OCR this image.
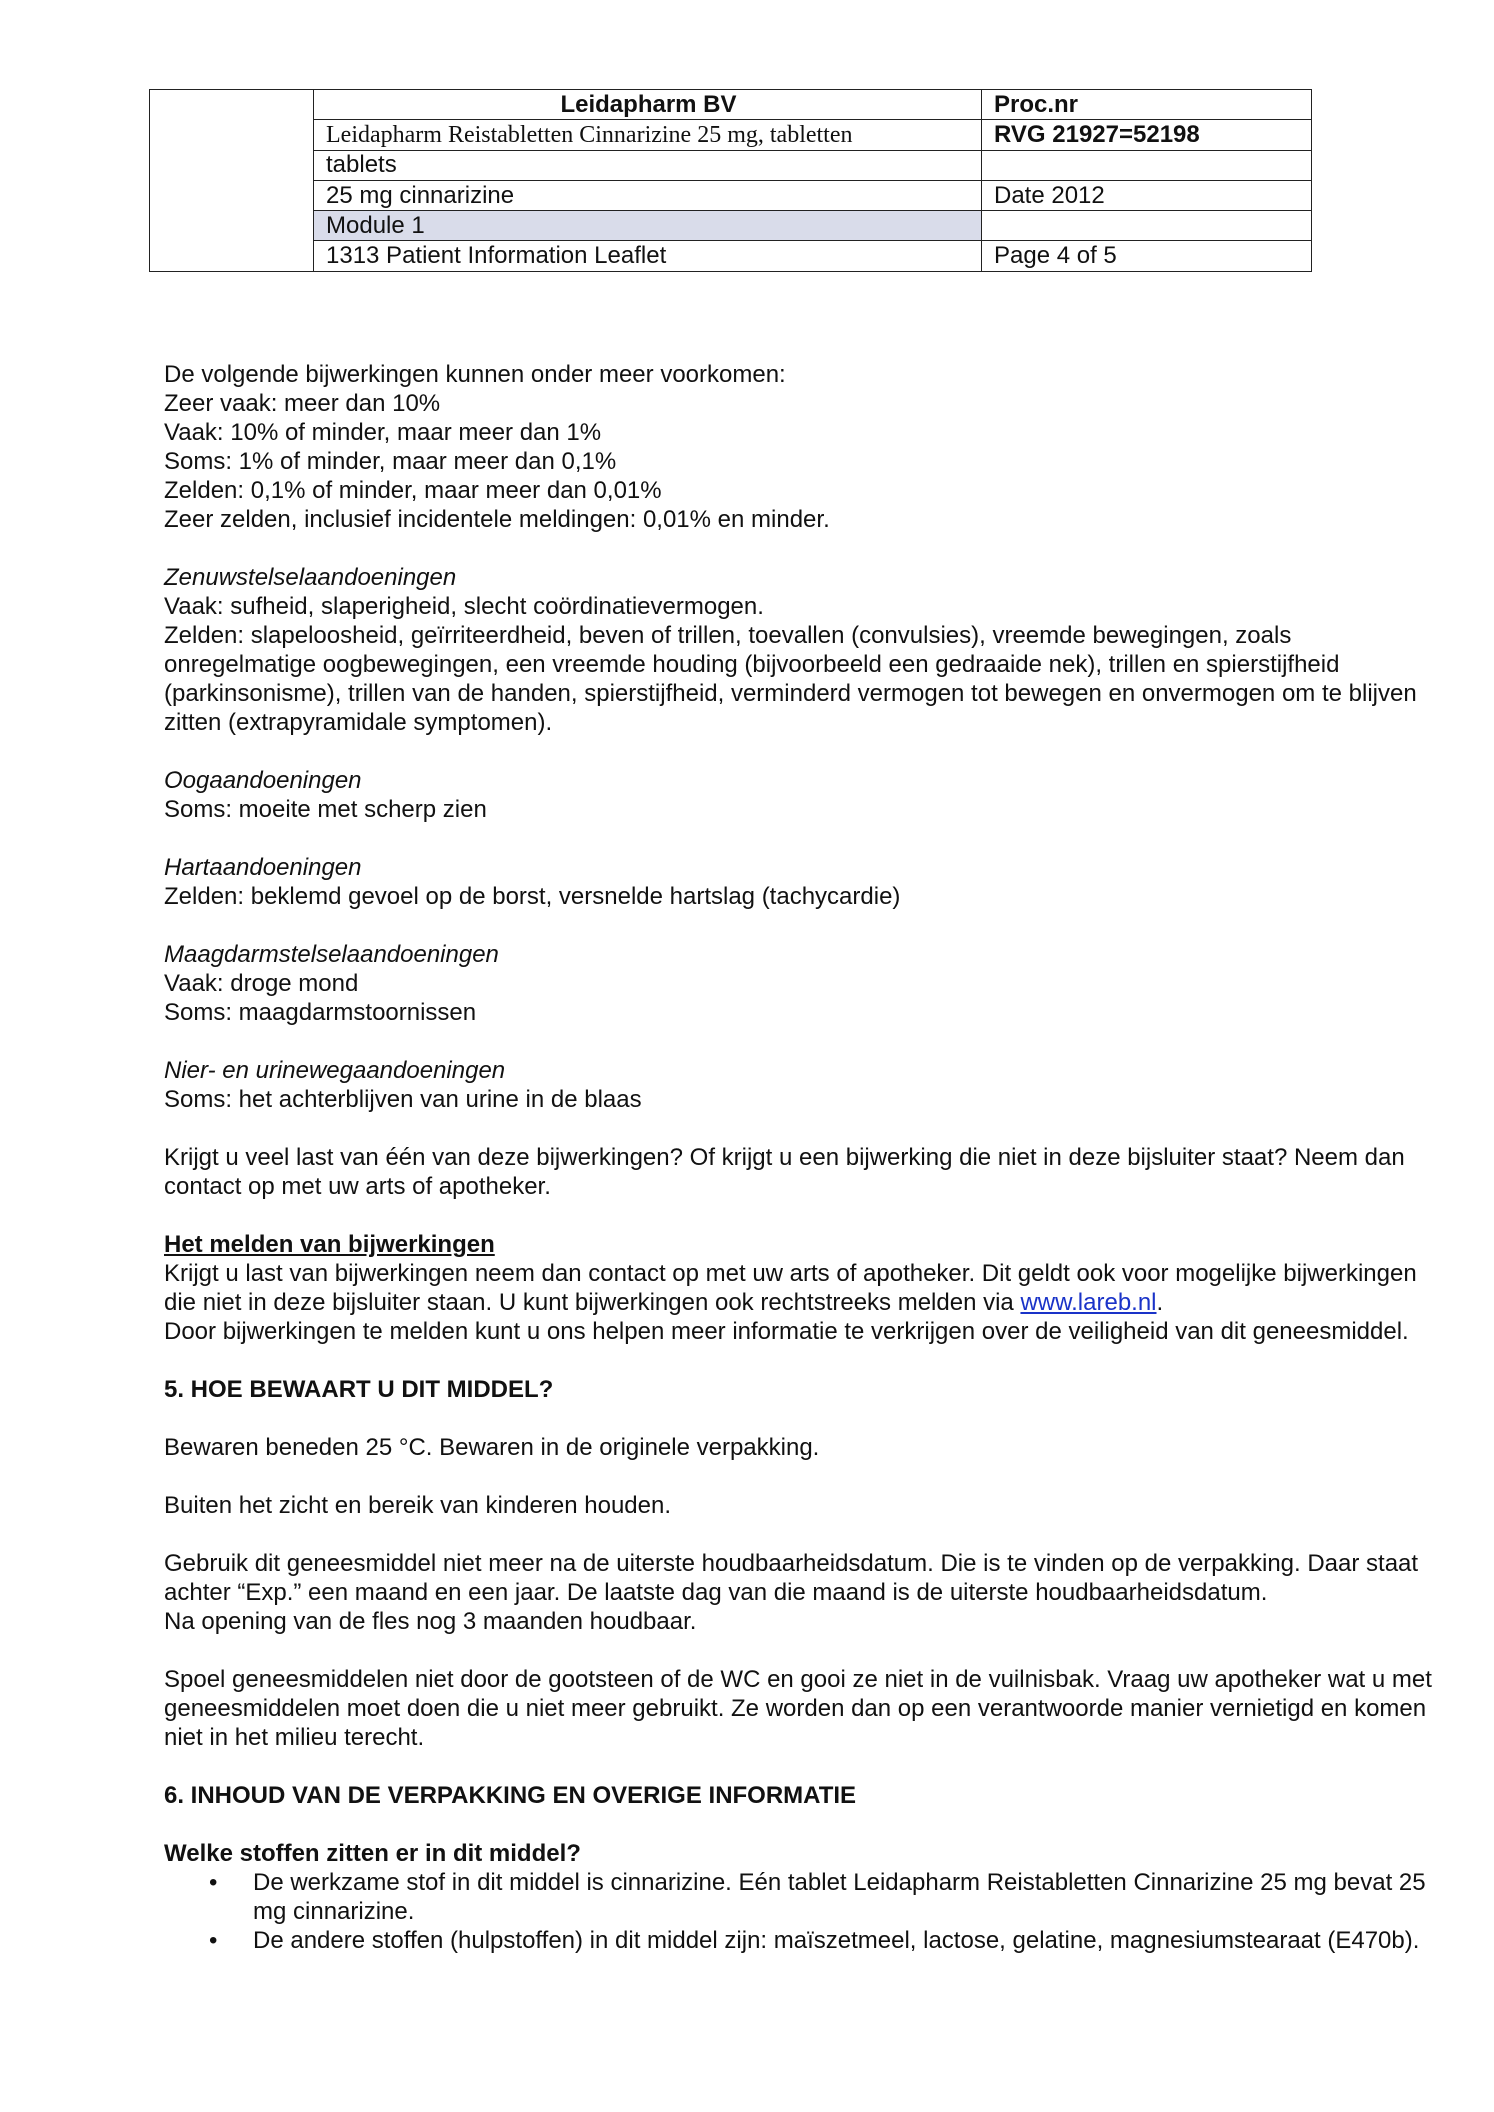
	Leidapharm BV	Proc.nr
	Leidapharm Reistabletten Cinnarizine 25 mg, tabletten	RVG 21927=52198
	tablets	
	25 mg cinnarizine	Date 2012
	Module 1	
	1313 Patient Information Leaflet	Page 4 of 5

De volgende bijwerkingen kunnen onder meer voorkomen:

Zeer vaak: meer dan 10%

Vaak: 10% of minder, maar meer dan 1%

Soms: 1% of minder, maar meer dan 0,1%

Zelden: 0,1% of minder, maar meer dan 0,01%

Zeer zelden, inclusief incidentele meldingen: 0,01% en minder.

Zenuwstelselaandoeningen

Vaak: sufheid, slaperigheid, slecht coördinatievermogen.

Zelden: slapeloosheid, geïrriteerdheid, beven of trillen, toevallen (convulsies), vreemde bewegingen, zoals onregelmatige oogbewegingen, een vreemde houding (bijvoorbeeld een gedraaide nek), trillen en spierstijfheid (parkinsonisme), trillen van de handen, spierstijfheid, verminderd vermogen tot bewegen en onvermogen om te blijven zitten (extrapyramidale symptomen).

Oogaandoeningen

Soms: moeite met scherp zien

Hartaandoeningen

Zelden: beklemd gevoel op de borst, versnelde hartslag (tachycardie)

Maagdarmstelselaandoeningen

Vaak: droge mond

Soms: maagdarmstoornissen

Nier- en urinewegaandoeningen

Soms: het achterblijven van urine in de blaas

Krijgt u veel last van één van deze bijwerkingen? Of krijgt u een bijwerking die niet in deze bijsluiter staat? Neem dan contact op met uw arts of apotheker.

Het melden van bijwerkingen

Krijgt u last van bijwerkingen neem dan contact op met uw arts of apotheker. Dit geldt ook voor mogelijke bijwerkingen die niet in deze bijsluiter staan. U kunt bijwerkingen ook rechtstreeks melden via www.lareb.nl.

Door bijwerkingen te melden kunt u ons helpen meer informatie te verkrijgen over de veiligheid van dit geneesmiddel.

5. HOE BEWAART U DIT MIDDEL?

Bewaren beneden 25 °C. Bewaren in de originele verpakking.

Buiten het zicht en bereik van kinderen houden.

Gebruik dit geneesmiddel niet meer na de uiterste houdbaarheidsdatum. Die is te vinden op de verpakking. Daar staat achter “Exp.” een maand en een jaar. De laatste dag van die maand is de uiterste houdbaarheidsdatum.

Na opening van de fles nog 3 maanden houdbaar.

Spoel geneesmiddelen niet door de gootsteen of de WC en gooi ze niet in de vuilnisbak. Vraag uw apotheker wat u met geneesmiddelen moet doen die u niet meer gebruikt. Ze worden dan op een verantwoorde manier vernietigd en komen niet in het milieu terecht.

6. INHOUD VAN DE VERPAKKING EN OVERIGE INFORMATIE

Welke stoffen zitten er in dit middel?

• De werkzame stof in dit middel is cinnarizine. Eén tablet Leidapharm Reistabletten Cinnarizine 25 mg bevat 25 mg cinnarizine.
• De andere stoffen (hulpstoffen) in dit middel zijn: maïszetmeel, lactose, gelatine, magnesiumstearaat (E470b).
